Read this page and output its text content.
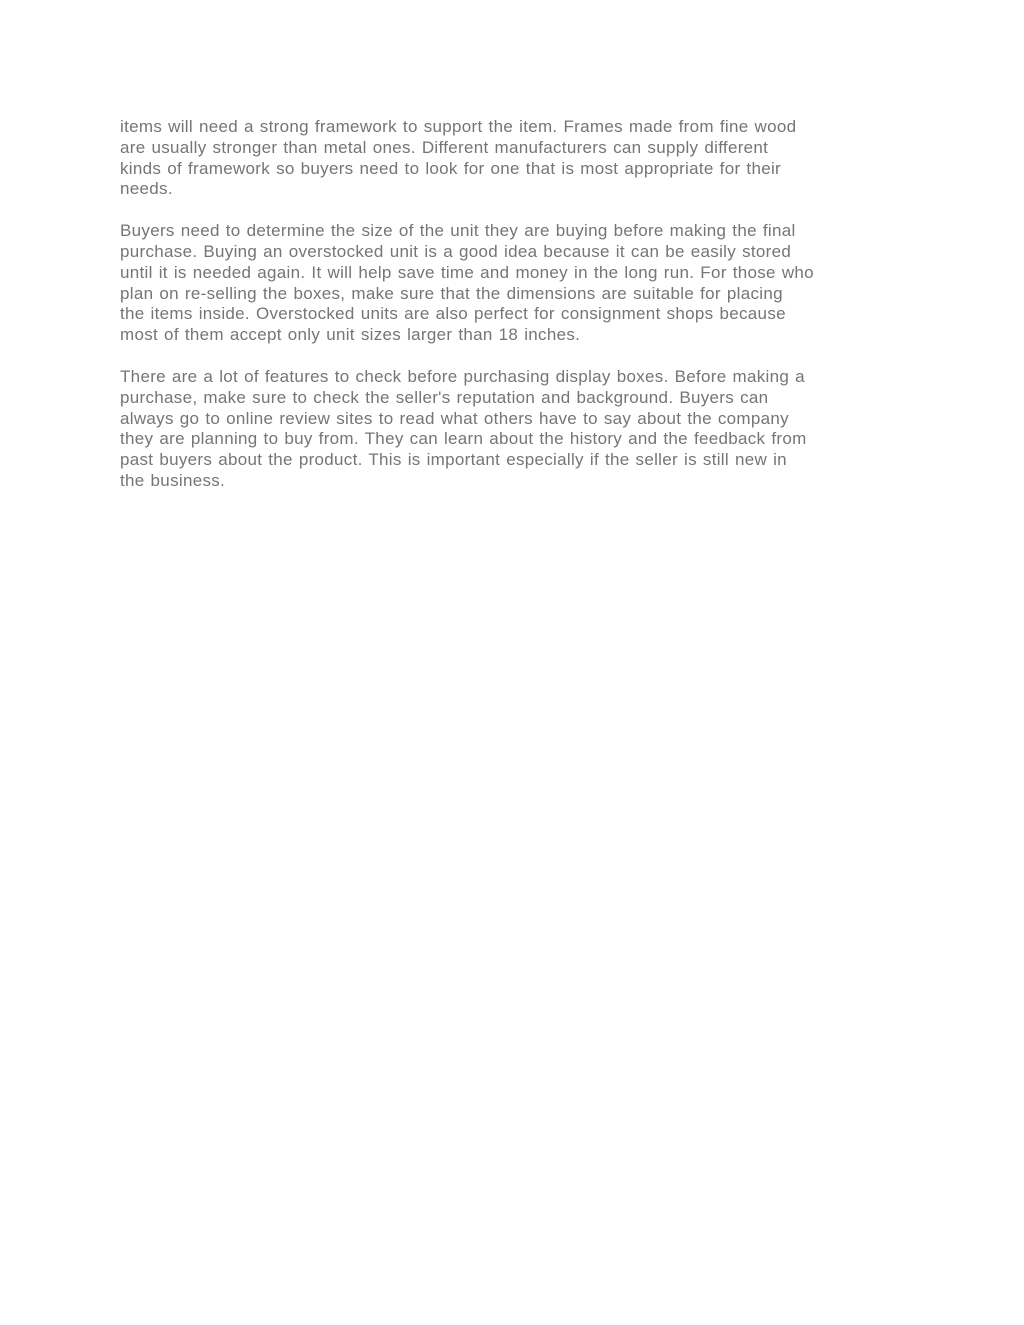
items will need a strong framework to support the item. Frames made from fine wood
are usually stronger than metal ones. Different manufacturers can supply different
kinds of framework so buyers need to look for one that is most appropriate for their
needs.
Buyers need to determine the size of the unit they are buying before making the final
purchase. Buying an overstocked unit is a good idea because it can be easily stored
until it is needed again. It will help save time and money in the long run. For those who
plan on re-selling the boxes, make sure that the dimensions are suitable for placing
the items inside. Overstocked units are also perfect for consignment shops because
most of them accept only unit sizes larger than 18 inches.
There are a lot of features to check before purchasing display boxes. Before making a
purchase, make sure to check the seller's reputation and background. Buyers can
always go to online review sites to read what others have to say about the company
they are planning to buy from. They can learn about the history and the feedback from
past buyers about the product. This is important especially if the seller is still new in
the business.
